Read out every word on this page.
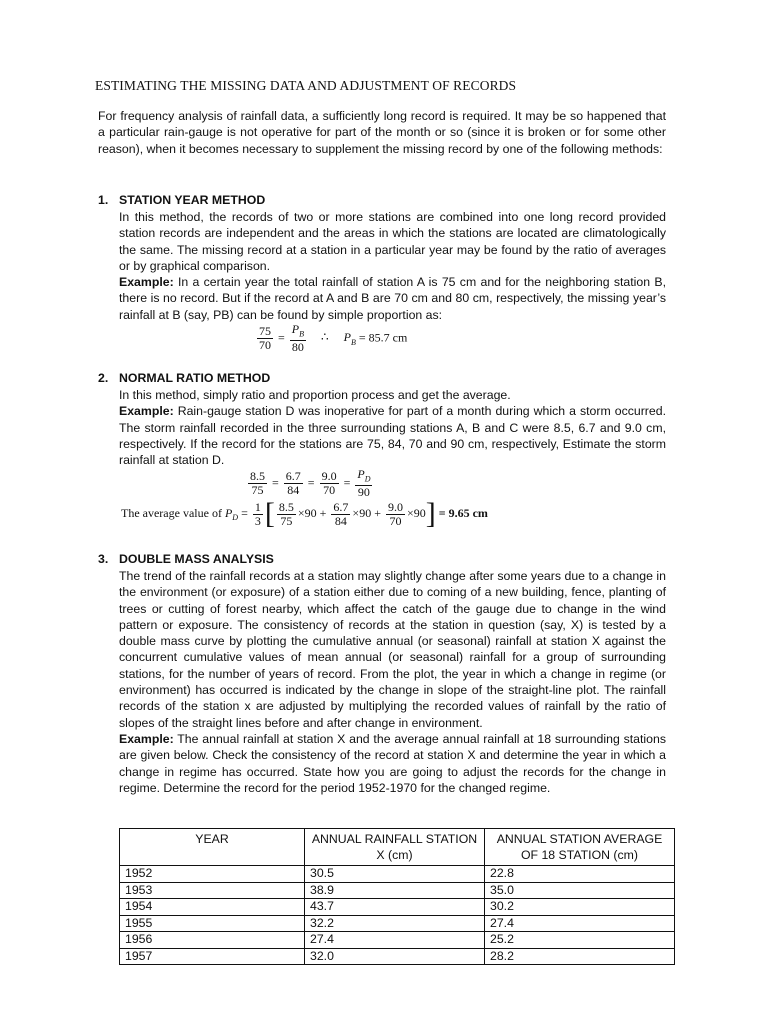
ESTIMATING THE MISSING DATA AND ADJUSTMENT OF RECORDS
For frequency analysis of rainfall data, a sufficiently long record is required. It may be so happened that a particular rain-gauge is not operative for part of the month or so (since it is broken or for some other reason), when it becomes necessary to supplement the missing record by one of the following methods:
1. STATION YEAR METHOD
In this method, the records of two or more stations are combined into one long record provided station records are independent and the areas in which the stations are located are climatologically the same. The missing record at a station in a particular year may be found by the ratio of averages or by graphical comparison.
Example: In a certain year the total rainfall of station A is 75 cm and for the neighboring station B, there is no record. But if the record at A and B are 70 cm and 80 cm, respectively, the missing year’s rainfall at B (say, PB) can be found by simple proportion as:
$\frac{75}{70} = \frac{P_B}{80}$ ∴ $P_B = 85.7$ cm
2. NORMAL RATIO METHOD
In this method, simply ratio and proportion process and get the average.
Example: Rain-gauge station D was inoperative for part of a month during which a storm occurred. The storm rainfall recorded in the three surrounding stations A, B and C were 8.5, 6.7 and 9.0 cm, respectively. If the record for the stations are 75, 84, 70 and 90 cm, respectively, Estimate the storm rainfall at station D.
$\frac{8.5}{75} = \frac{6.7}{84} = \frac{9.0}{70} = \frac{P_D}{90}$
The average value of $P_D = \frac{1}{3}$ [ $\frac{8.5}{75} \times 90 + \frac{6.7}{84} \times 90 + \frac{9.0}{70} \times 90] = 9.65$ cm
3. DOUBLE MASS ANALYSIS
The trend of the rainfall records at a station may slightly change after some years due to a change in the environment (or exposure) of a station either due to coming of a new building, fence, planting of trees or cutting of forest nearby, which affect the catch of the gauge due to change in the wind pattern or exposure. The consistency of records at the station in question (say, X) is tested by a double mass curve by plotting the cumulative annual (or seasonal) rainfall at station X against the concurrent cumulative values of mean annual (or seasonal) rainfall for a group of surrounding stations, for the number of years of record. From the plot, the year in which a change in regime (or environment) has occurred is indicated by the change in slope of the straight-line plot. The rainfall records of the station x are adjusted by multiplying the recorded values of rainfall by the ratio of slopes of the straight lines before and after change in environment.
Example: The annual rainfall at station X and the average annual rainfall at 18 surrounding stations are given below. Check the consistency of the record at station X and determine the year in which a change in regime has occurred. State how you are going to adjust the records for the change in regime. Determine the record for the period 1952-1970 for the changed regime.
YEAR	ANNUAL RAINFALL STATION X (cm)	ANNUAL STATION AVERAGE OF 18 STATION (cm)
1952	30.5	22.8
1953	38.9	35.0
1954	43.7	30.2
1955	32.2	27.4
1956	27.4	25.2
1957	32.0	28.2
